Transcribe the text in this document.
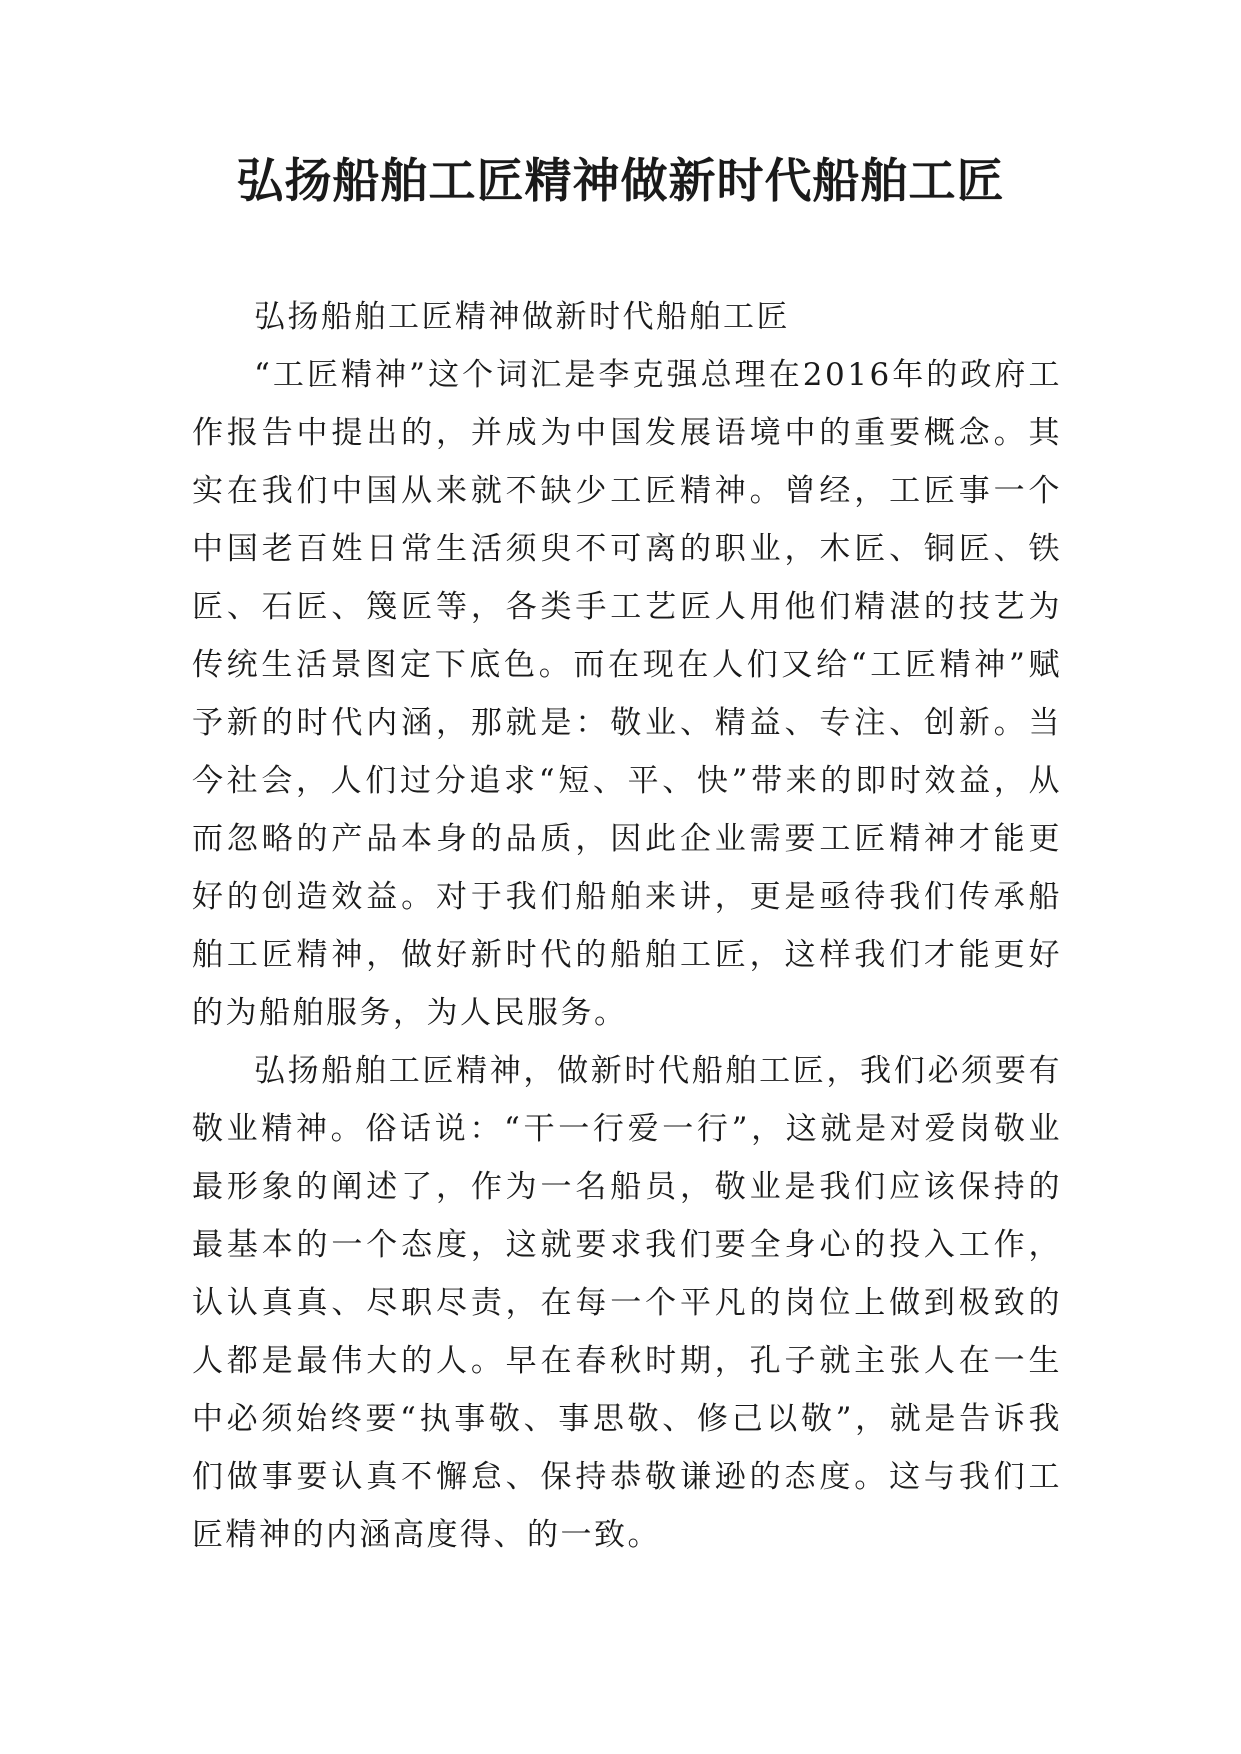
弘扬船舶工匠精神做新时代船舶工匠

弘扬船舶工匠精神做新时代船舶工匠

“工匠精神”这个词汇是李克强总理在2016年的政府工作报告中提出的，并成为中国发展语境中的重要概念。其实在我们中国从来就不缺少工匠精神。曾经，工匠事一个中国老百姓日常生活须臾不可离的职业，木匠、铜匠、铁匠、石匠、篾匠等，各类手工艺匠人用他们精湛的技艺为传统生活景图定下底色。而在现在人们又给“工匠精神”赋予新的时代内涵，那就是：敬业、精益、专注、创新。当今社会，人们过分追求“短、平、快”带来的即时效益，从而忽略的产品本身的品质，因此企业需要工匠精神才能更好的创造效益。对于我们船舶来讲，更是亟待我们传承船舶工匠精神，做好新时代的船舶工匠，这样我们才能更好的为船舶服务，为人民服务。

弘扬船舶工匠精神，做新时代船舶工匠，我们必须要有敬业精神。俗话说：“干一行爱一行”，这就是对爱岗敬业最形象的阐述了，作为一名船员，敬业是我们应该保持的最基本的一个态度，这就要求我们要全身心的投入工作，认认真真、尽职尽责，在每一个平凡的岗位上做到极致的人都是最伟大的人。早在春秋时期，孔子就主张人在一生中必须始终要“执事敬、事思敬、修己以敬”，就是告诉我们做事要认真不懈怠、保持恭敬谦逊的态度。这与我们工匠精神的内涵高度得、的一致。
